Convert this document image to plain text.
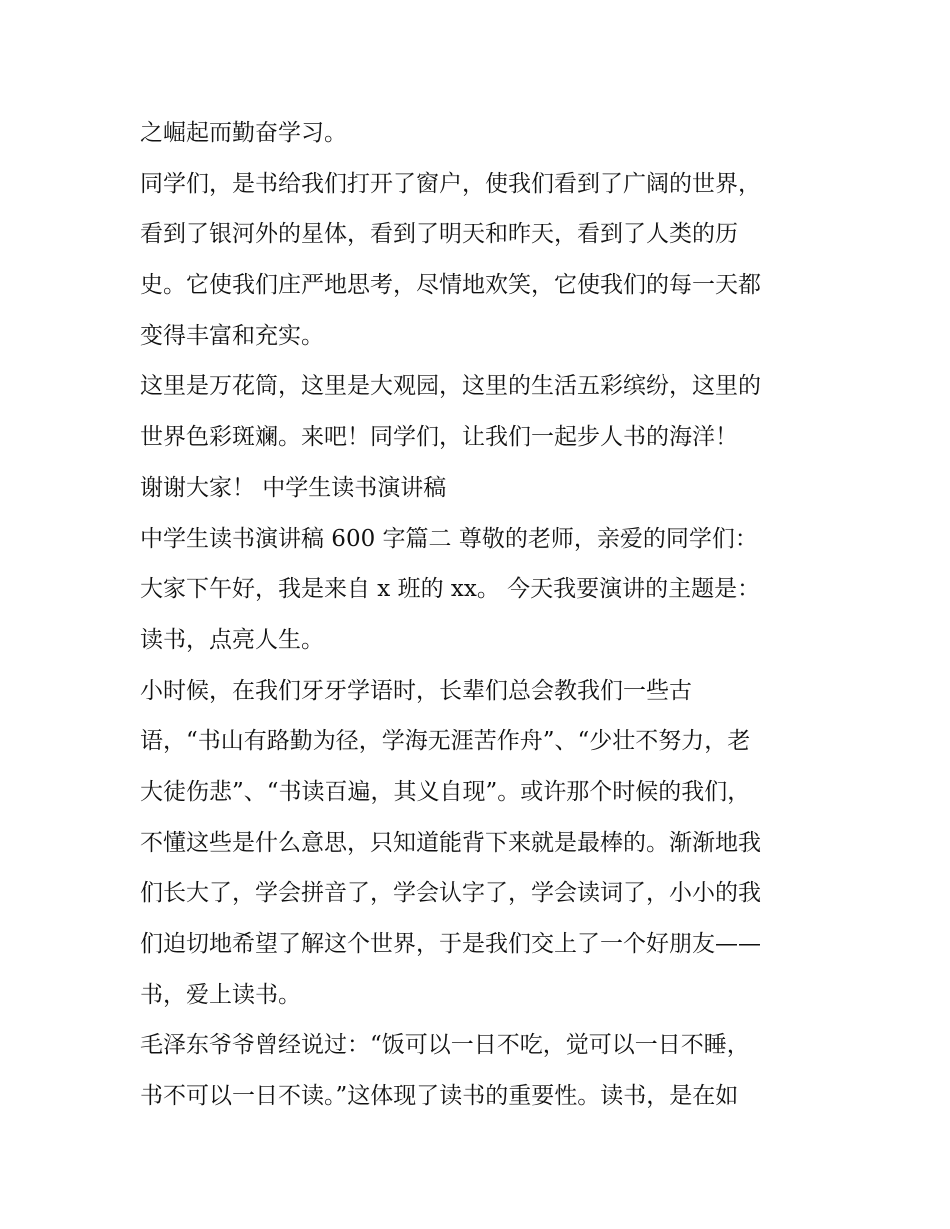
之崛起而勤奋学习。
同学们，是书给我们打开了窗户，使我们看到了广阔的世界，
看到了银河外的星体，看到了明天和昨天，看到了人类的历
史。它使我们庄严地思考，尽情地欢笑，它使我们的每一天都
变得丰富和充实。
这里是万花筒，这里是大观园，这里的生活五彩缤纷，这里的
世界色彩斑斓。来吧！同学们，让我们一起步人书的海洋！
谢谢大家！ 中学生读书演讲稿
中学生读书演讲稿 600 字篇二 尊敬的老师，亲爱的同学们：
大家下午好，我是来自 x 班的 xx。 今天我要演讲的主题是：
读书，点亮人生。
小时候，在我们牙牙学语时，长辈们总会教我们一些古
语，“书山有路勤为径，学海无涯苦作舟”、“少壮不努力，老
大徒伤悲”、“书读百遍，其义自现”。或许那个时候的我们，
不懂这些是什么意思，只知道能背下来就是最棒的。渐渐地我
们长大了，学会拼音了，学会认字了，学会读词了，小小的我
们迫切地希望了解这个世界，于是我们交上了一个好朋友——
书，爱上读书。
毛泽东爷爷曾经说过：“饭可以一日不吃，觉可以一日不睡，
书不可以一日不读。”这体现了读书的重要性。读书，是在如
